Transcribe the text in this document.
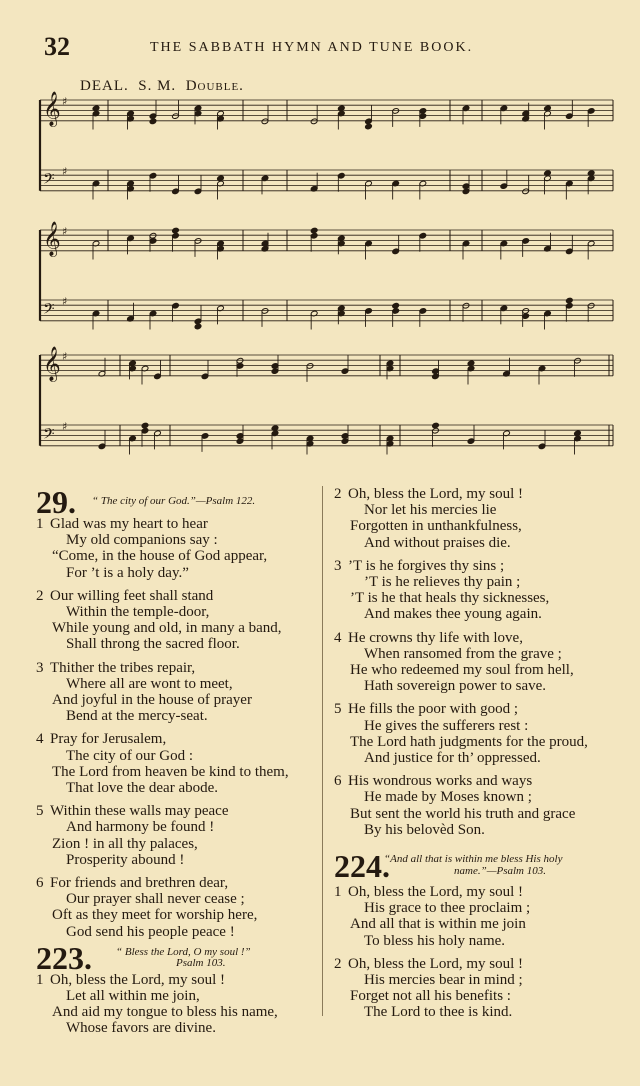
32	THE SABBATH HYMN AND TUNE BOOK.
DEAL. S. M. Double.
𝄞 ♯
𝄢 ♯
𝄞 ♯
𝄢 ♯
𝄞 ♯
𝄢 ♯
29. “ The city of our God.”—Psalm 122.

1 Glad was my heart to hear

My old companions say :

“Come, in the house of God appear,

For ’t is a holy day.”

2 Our willing feet shall stand

Within the temple-door,

While young and old, in many a band,

Shall throng the sacred floor.

3 Thither the tribes repair,

Where all are wont to meet,

And joyful in the house of prayer

Bend at the mercy-seat.

4 Pray for Jerusalem,

The city of our God :

The Lord from heaven be kind to them,

That love the dear abode.

5 Within these walls may peace

And harmony be found !

Zion ! in all thy palaces,

Prosperity abound !

6 For friends and brethren dear,

Our prayer shall never cease ;

Oft as they meet for worship here,

God send his people peace !

223. “ Bless the Lord, O my soul !”
Psalm 103.

1 Oh, bless the Lord, my soul !

Let all within me join,

And aid my tongue to bless his name,

Whose favors are divine.

2 Oh, bless the Lord, my soul !

Nor let his mercies lie

Forgotten in unthankfulness,

And without praises die.

3 ’T is he forgives thy sins ;

’T is he relieves thy pain ;

’T is he that heals thy sicknesses,

And makes thee young again.

4 He crowns thy life with love,

When ransomed from the grave ;

He who redeemed my soul from hell,

Hath sovereign power to save.

5 He fills the poor with good ;

He gives the sufferers rest :

The Lord hath judgments for the proud,

And justice for th’ oppressed.

6 His wondrous works and ways

He made by Moses known ;

But sent the world his truth and grace

By his belovèd Son.

224.
“And all that is within me bless His holy
name.”—Psalm 103.

1 Oh, bless the Lord, my soul !

His grace to thee proclaim ;

And all that is within me join

To bless his holy name.

2 Oh, bless the Lord, my soul !

His mercies bear in mind ;

Forget not all his benefits :

The Lord to thee is kind.
